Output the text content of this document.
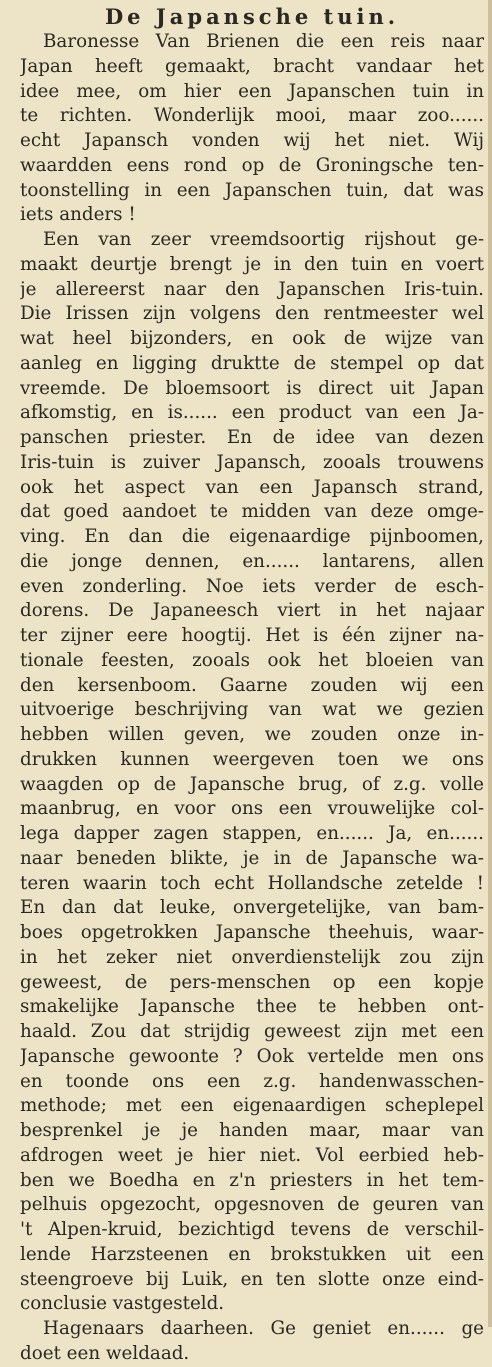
De Japansche tuin.
Baronesse Van Brienen die een reis naar
Japan heeft gemaakt, bracht vandaar het
idee mee, om hier een Japanschen tuin in
te richten. Wonderlijk mooi, maar zoo......
echt Japansch vonden wij het niet. Wij
waardden eens rond op de Groningsche ten-
toonstelling in een Japanschen tuin, dat was
iets anders !
Een van zeer vreemdsoortig rijshout ge-
maakt deurtje brengt je in den tuin en voert
je allereerst naar den Japanschen Iris-tuin.
Die Irissen zijn volgens den rentmeester wel
wat heel bijzonders, en ook de wijze van
aanleg en ligging druktte de stempel op dat
vreemde. De bloemsoort is direct uit Japan
afkomstig, en is...... een product van een Ja-
panschen priester. En de idee van dezen
Iris-tuin is zuiver Japansch, zooals trouwens
ook het aspect van een Japansch strand,
dat goed aandoet te midden van deze omge-
ving. En dan die eigenaardige pijnboomen,
die jonge dennen, en...... lantarens, allen
even zonderling. Noe iets verder de esch-
dorens. De Japaneesch viert in het najaar
ter zijner eere hoogtij. Het is één zijner na-
tionale feesten, zooals ook het bloeien van
den kersenboom. Gaarne zouden wij een
uitvoerige beschrijving van wat we gezien
hebben willen geven, we zouden onze in-
drukken kunnen weergeven toen we ons
waagden op de Japansche brug, of z.g. volle
maanbrug, en voor ons een vrouwelijke col-
lega dapper zagen stappen, en...... Ja, en......
naar beneden blikte, je in de Japansche wa-
teren waarin toch echt Hollandsche zetelde !
En dan dat leuke, onvergetelijke, van bam-
boes opgetrokken Japansche theehuis, waar-
in het zeker niet onverdienstelijk zou zijn
geweest, de pers-menschen op een kopje
smakelijke Japansche thee te hebben ont-
haald. Zou dat strijdig geweest zijn met een
Japansche gewoonte ? Ook vertelde men ons
en toonde ons een z.g. handenwasschen-
methode; met een eigenaardigen scheplepel
besprenkel je je handen maar, maar van
afdrogen weet je hier niet. Vol eerbied heb-
ben we Boedha en z'n priesters in het tem-
pelhuis opgezocht, opgesnoven de geuren van
't Alpen-kruid, bezichtigd tevens de verschil-
lende Harzsteenen en brokstukken uit een
steengroeve bij Luik, en ten slotte onze eind-
conclusie vastgesteld.
Hagenaars daarheen. Ge geniet en...... ge
doet een weldaad.
